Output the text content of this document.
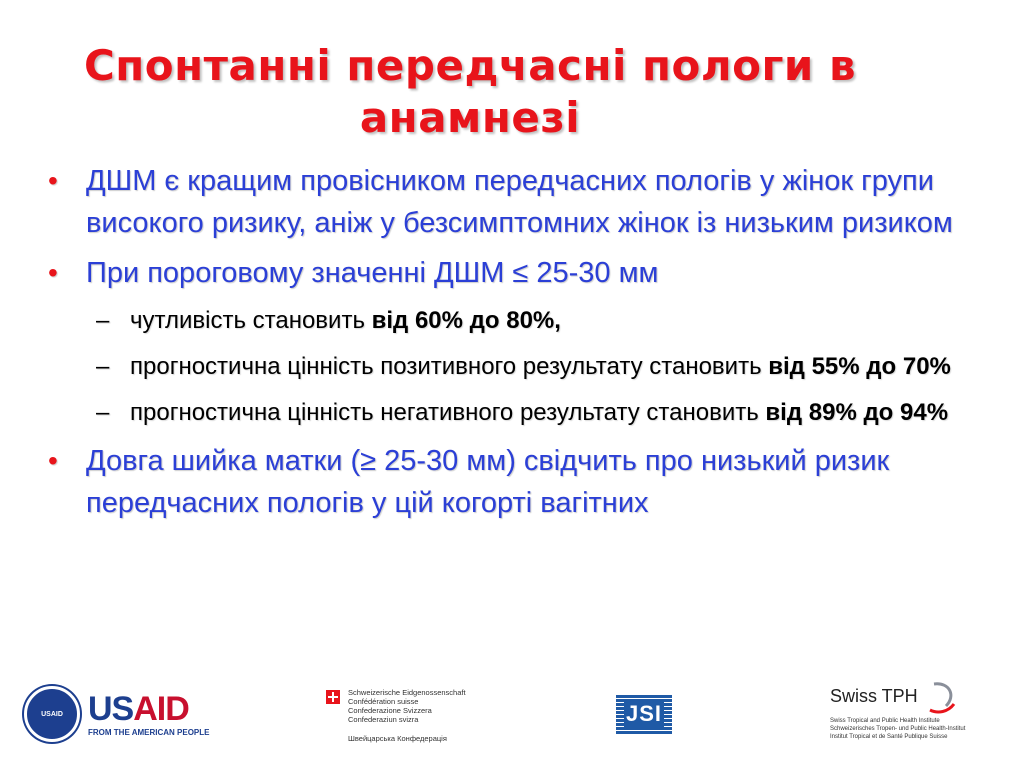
Спонтанні передчасні пологи в
анамнезі
• ДШМ є кращим провісником передчасних пологів у жінок групи високого ризику, аніж у безсимптомних жінок із низьким ризиком
• При пороговому значенні ДШМ ≤ 25-30 мм
– чутливість становить від 60% до 80%,
– прогностична цінність позитивного результату становить від 55% до 70%
– прогностична цінність негативного результату становить від 89% до 94%
• Довга шийка матки (≥ 25-30 мм) свідчить про низький ризик передчасних пологів у цій когорті вагітних
USAID USAID
FROM THE AMERICAN PEOPLE
Schweizerische Eidgenossenschaft
Confédération suisse
Confederazione Svizzera
Confederaziun svizra
Швейцарська Конфедерація
JSI
Swiss TPH
Swiss Tropical and Public Health Institute
Schweizerisches Tropen- und Public Health-Institut
Institut Tropical et de Santé Publique Suisse
